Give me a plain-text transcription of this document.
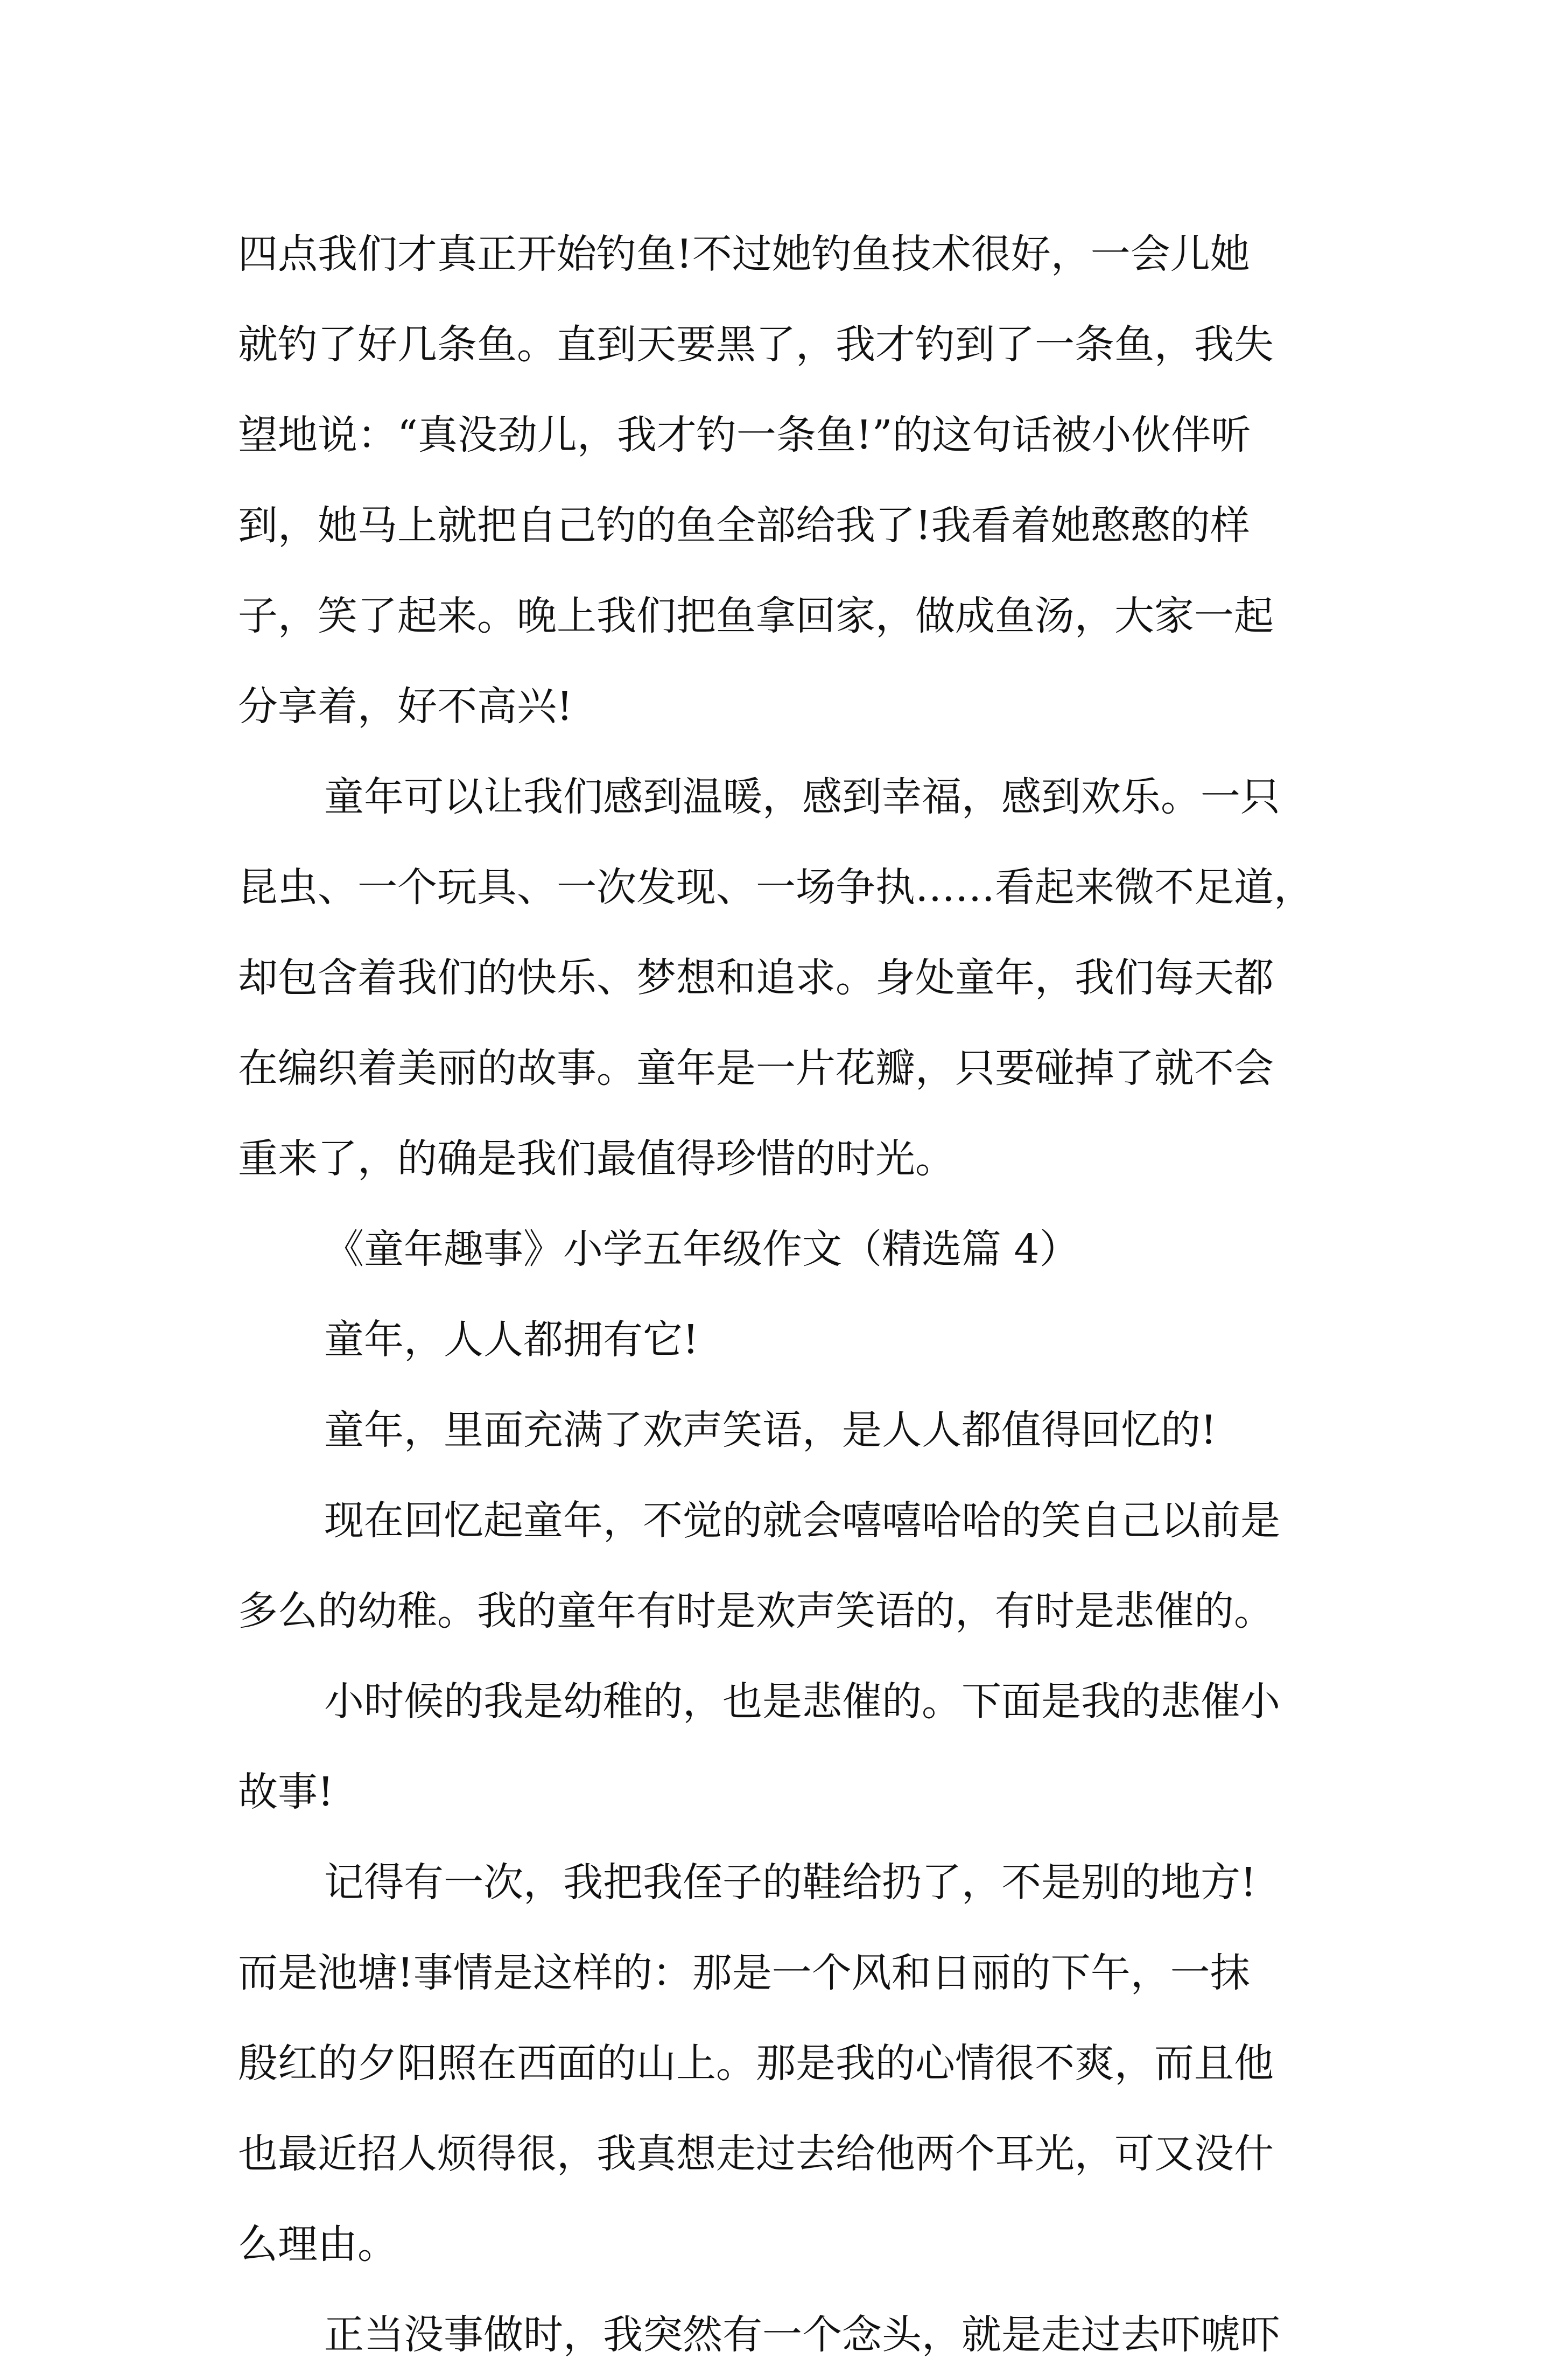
四点我们才真正开始钓鱼!不过她钓鱼技术很好，一会儿她
就钓了好几条鱼。直到天要黑了，我才钓到了一条鱼，我失
望地说：“真没劲儿，我才钓一条鱼!”的这句话被小伙伴听
到，她马上就把自己钓的鱼全部给我了!我看着她憨憨的样
子，笑了起来。晚上我们把鱼拿回家，做成鱼汤，大家一起
分享着，好不高兴!
童年可以让我们感到温暖，感到幸福，感到欢乐。一只
昆虫、一个玩具、一次发现、一场争执……看起来微不足道，
却包含着我们的快乐、梦想和追求。身处童年，我们每天都
在编织着美丽的故事。童年是一片花瓣，只要碰掉了就不会
重来了，的确是我们最值得珍惜的时光。
《童年趣事》小学五年级作文（精选篇 4）
童年，人人都拥有它!
童年，里面充满了欢声笑语，是人人都值得回忆的!
现在回忆起童年，不觉的就会嘻嘻哈哈的笑自己以前是
多么的幼稚。我的童年有时是欢声笑语的，有时是悲催的。
小时候的我是幼稚的，也是悲催的。下面是我的悲催小
故事!
记得有一次，我把我侄子的鞋给扔了，不是别的地方!
而是池塘!事情是这样的：那是一个风和日丽的下午，一抹
殷红的夕阳照在西面的山上。那是我的心情很不爽，而且他
也最近招人烦得很，我真想走过去给他两个耳光，可又没什
么理由。
正当没事做时，我突然有一个念头，就是走过去吓唬吓
